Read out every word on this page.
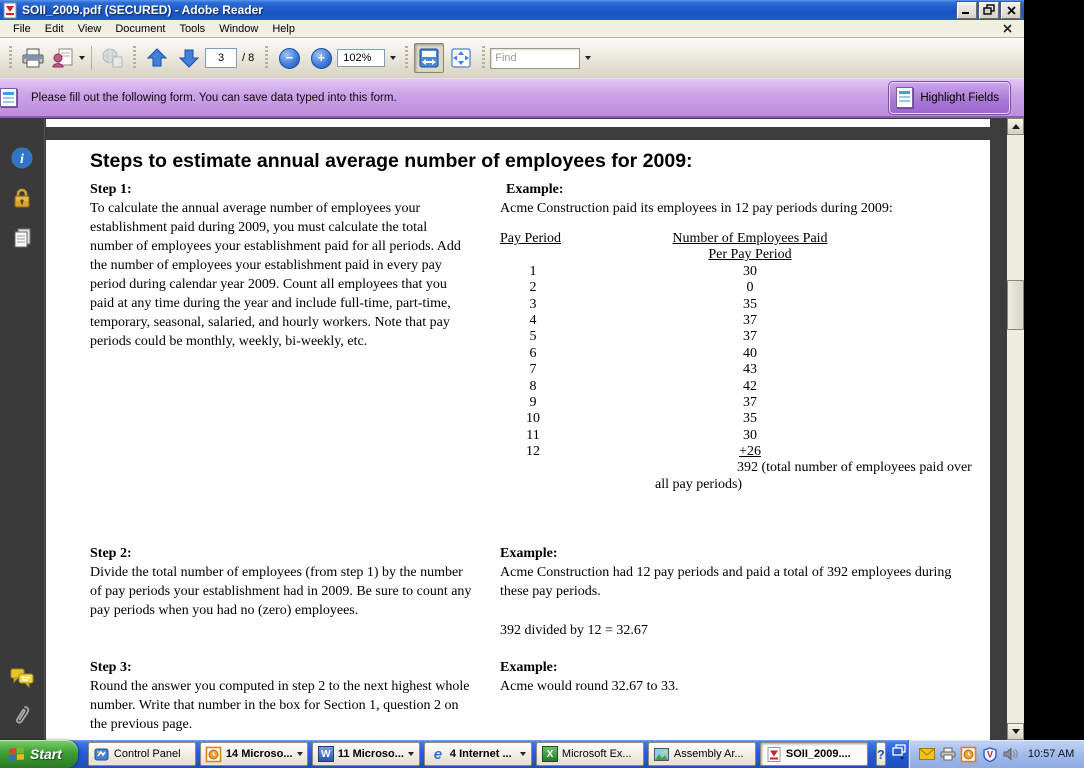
SOII_2009.pdf (SECURED) - Adobe Reader
File	Edit	View	Document	Tools	Window	Help
3
/ 8	−	+	102%
Find
Please fill out the following form. You can save data typed into this form.	Highlight Fields
i	Steps to estimate annual average number of employees for 2009:
Step 1:
To calculate the annual average number of employees your establishment paid during 2009, you must calculate the total number of employees your establishment paid for all periods. Add the number of employees your establishment paid in every pay period during calendar year 2009. Count all employees that you paid at any time during the year and include full-time, part-time, temporary, seasonal, salaried, and hourly workers. Note that pay periods could be monthly, weekly, bi-weekly, etc.
Example:
Acme Construction paid its employees in 12 pay periods during 2009:
Pay Period	Number of Employees Paid
Per Pay Period
1	30
2	0
3	35
4	37
5	37
6	40
7	43
8	42
9	37
10	35
11	30
12	+26
392 (total number of employees paid over
all pay periods)
Step 2:
Divide the total number of employees (from step 1) by the number of pay periods your establishment had in 2009. Be sure to count any pay periods when you had no (zero) employees.
Example:
Acme Construction had 12 pay periods and paid a total of 392 employees during these pay periods.
392 divided by 12 = 32.67
Step 3:
Round the answer you computed in step 2 to the next highest whole number. Write that number in the box for Section 1, question 2 on the previous page.
Example:
Acme would round 32.67 to 33.
Start	Control Panel	14 Microso...	W 11 Microso... e 4 Internet ...	X Microsoft Ex...	Assembly Ar...	SOII_2009.... ?	V	10:57 AM
